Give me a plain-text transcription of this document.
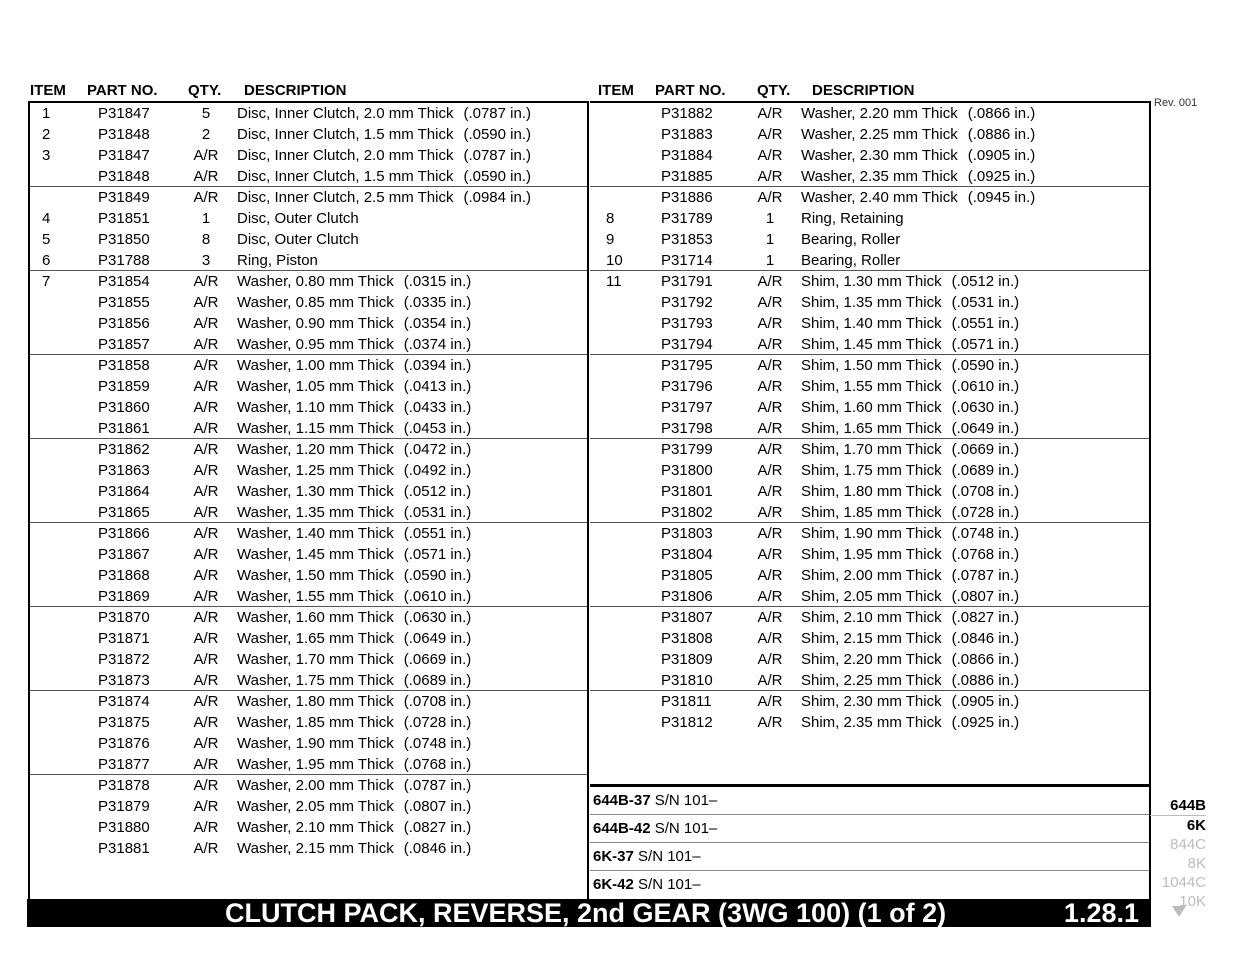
ITEM PART NO. QTY. DESCRIPTION	ITEM PART NO. QTY. DESCRIPTION
Rev. 001
1	P31847	5	Disc, Inner Clutch, 2.0 mm Thick (.0787 in.)
2	P31848	2	Disc, Inner Clutch, 1.5 mm Thick (.0590 in.)
3	P31847	A/R	Disc, Inner Clutch, 2.0 mm Thick (.0787 in.)
P31848	A/R	Disc, Inner Clutch, 1.5 mm Thick (.0590 in.)
P31849	A/R	Disc, Inner Clutch, 2.5 mm Thick (.0984 in.)
4	P31851	1	Disc, Outer Clutch
5	P31850	8	Disc, Outer Clutch
6	P31788	3	Ring, Piston
7	P31854	A/R	Washer, 0.80 mm Thick (.0315 in.)
P31855	A/R	Washer, 0.85 mm Thick (.0335 in.)
P31856	A/R	Washer, 0.90 mm Thick (.0354 in.)
P31857	A/R	Washer, 0.95 mm Thick (.0374 in.)
P31858	A/R	Washer, 1.00 mm Thick (.0394 in.)
P31859	A/R	Washer, 1.05 mm Thick (.0413 in.)
P31860	A/R	Washer, 1.10 mm Thick (.0433 in.)
P31861	A/R	Washer, 1.15 mm Thick (.0453 in.)
P31862	A/R	Washer, 1.20 mm Thick (.0472 in.)
P31863	A/R	Washer, 1.25 mm Thick (.0492 in.)
P31864	A/R	Washer, 1.30 mm Thick (.0512 in.)
P31865	A/R	Washer, 1.35 mm Thick (.0531 in.)
P31866	A/R	Washer, 1.40 mm Thick (.0551 in.)
P31867	A/R	Washer, 1.45 mm Thick (.0571 in.)
P31868	A/R	Washer, 1.50 mm Thick (.0590 in.)
P31869	A/R	Washer, 1.55 mm Thick (.0610 in.)
P31870	A/R	Washer, 1.60 mm Thick (.0630 in.)
P31871	A/R	Washer, 1.65 mm Thick (.0649 in.)
P31872	A/R	Washer, 1.70 mm Thick (.0669 in.)
P31873	A/R	Washer, 1.75 mm Thick (.0689 in.)
P31874	A/R	Washer, 1.80 mm Thick (.0708 in.)
P31875	A/R	Washer, 1.85 mm Thick (.0728 in.)
P31876	A/R	Washer, 1.90 mm Thick (.0748 in.)
P31877	A/R	Washer, 1.95 mm Thick (.0768 in.)
P31878	A/R	Washer, 2.00 mm Thick (.0787 in.)
P31879	A/R	Washer, 2.05 mm Thick (.0807 in.)
P31880	A/R	Washer, 2.10 mm Thick (.0827 in.)
P31881	A/R	Washer, 2.15 mm Thick (.0846 in.)
P31882	A/R	Washer, 2.20 mm Thick (.0866 in.)
P31883	A/R	Washer, 2.25 mm Thick (.0886 in.)
P31884	A/R	Washer, 2.30 mm Thick (.0905 in.)
P31885	A/R	Washer, 2.35 mm Thick (.0925 in.)
P31886	A/R	Washer, 2.40 mm Thick (.0945 in.)
8	P31789	1	Ring, Retaining
9	P31853	1	Bearing, Roller
10	P31714	1	Bearing, Roller
11	P31791	A/R	Shim, 1.30 mm Thick (.0512 in.)
P31792	A/R	Shim, 1.35 mm Thick (.0531 in.)
P31793	A/R	Shim, 1.40 mm Thick (.0551 in.)
P31794	A/R	Shim, 1.45 mm Thick (.0571 in.)
P31795	A/R	Shim, 1.50 mm Thick (.0590 in.)
P31796	A/R	Shim, 1.55 mm Thick (.0610 in.)
P31797	A/R	Shim, 1.60 mm Thick (.0630 in.)
P31798	A/R	Shim, 1.65 mm Thick (.0649 in.)
P31799	A/R	Shim, 1.70 mm Thick (.0669 in.)
P31800	A/R	Shim, 1.75 mm Thick (.0689 in.)
P31801	A/R	Shim, 1.80 mm Thick (.0708 in.)
P31802	A/R	Shim, 1.85 mm Thick (.0728 in.)
P31803	A/R	Shim, 1.90 mm Thick (.0748 in.)
P31804	A/R	Shim, 1.95 mm Thick (.0768 in.)
P31805	A/R	Shim, 2.00 mm Thick (.0787 in.)
P31806	A/R	Shim, 2.05 mm Thick (.0807 in.)
P31807	A/R	Shim, 2.10 mm Thick (.0827 in.)
P31808	A/R	Shim, 2.15 mm Thick (.0846 in.)
P31809	A/R	Shim, 2.20 mm Thick (.0866 in.)
P31810	A/R	Shim, 2.25 mm Thick (.0886 in.)
P31811	A/R	Shim, 2.30 mm Thick (.0905 in.)
P31812	A/R	Shim, 2.35 mm Thick (.0925 in.)
644B-37 S/N 101–
644B-42 S/N 101–
6K-37 S/N 101–
6K-42 S/N 101–
CLUTCH PACK, REVERSE, 2nd GEAR (3WG 100) (1 of 2)	1.28.1
644B
6K
844C
8K
1044C
10K
